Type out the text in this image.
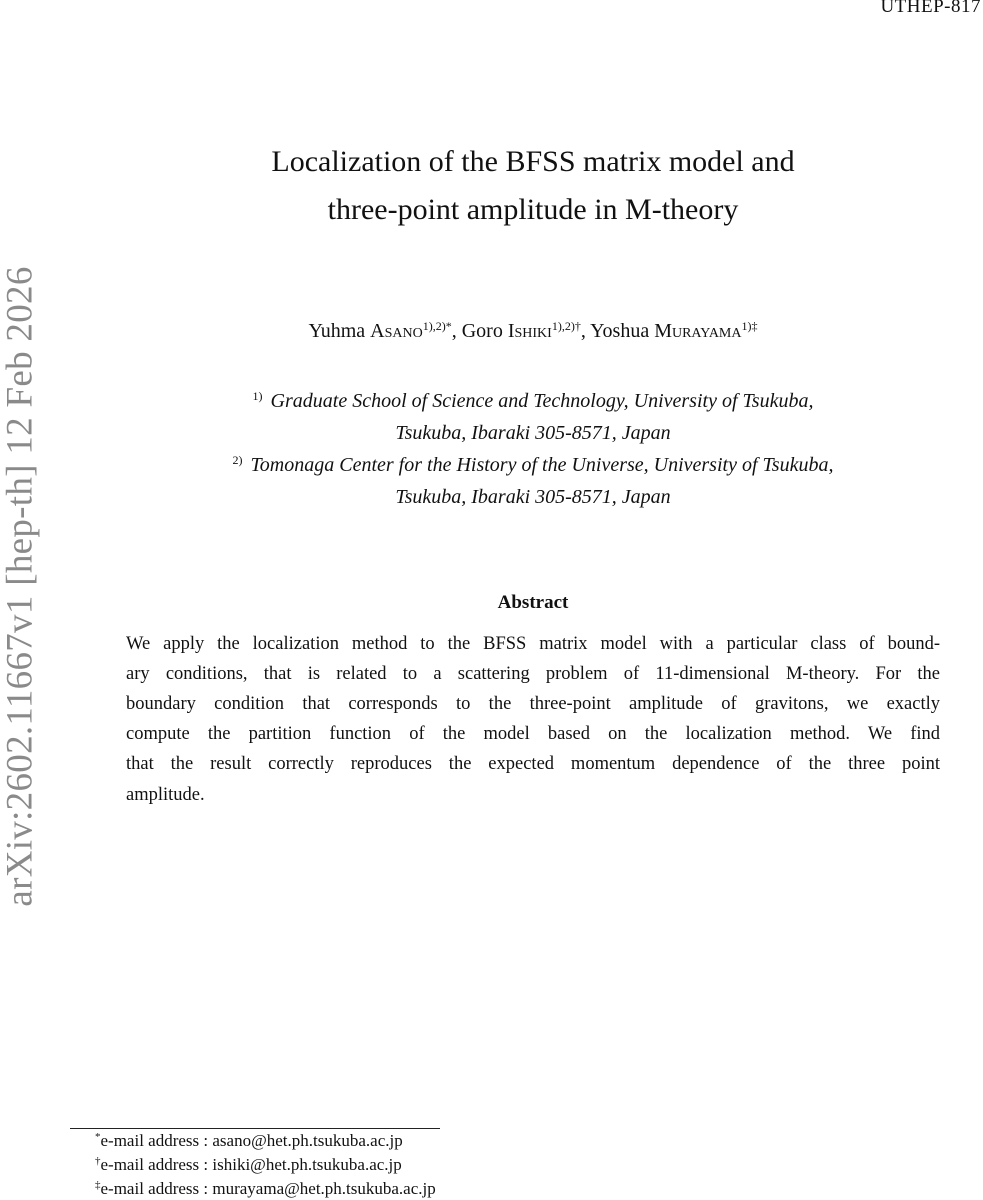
UTHEP-817
arXiv:2602.11667v1 [hep-th] 12 Feb 2026
Localization of the BFSS matrix model and
three-point amplitude in M-theory
Yuhma Asano$^{1),2)*}$, Goro Ishiki$^{1),2)\dagger}$, Yoshua Murayama$^{1)\ddagger}$
$^{1)}$ Graduate School of Science and Technology, University of Tsukuba,
Tsukuba, Ibaraki 305-8571, Japan
$^{2)}$ Tomonaga Center for the History of the Universe, University of Tsukuba,
Tsukuba, Ibaraki 305-8571, Japan
Abstract
We apply the localization method to the BFSS matrix model with a particular class of bound-
ary conditions, that is related to a scattering problem of 11-dimensional M-theory. For the
boundary condition that corresponds to the three-point amplitude of gravitons, we exactly
compute the partition function of the model based on the localization method. We find
that the result correctly reproduces the expected momentum dependence of the three point
amplitude.
*e-mail address : asano@het.ph.tsukuba.ac.jp
†e-mail address : ishiki@het.ph.tsukuba.ac.jp
‡e-mail address : murayama@het.ph.tsukuba.ac.jp
